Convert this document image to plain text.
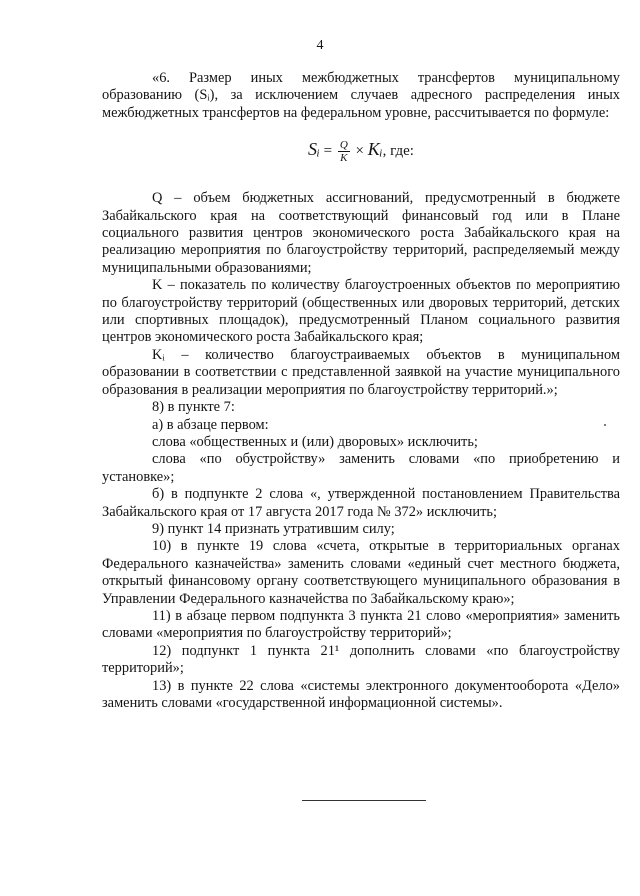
4

«6. Размер иных межбюджетных трансфертов муниципальному образованию (Sᵢ), за исключением случаев адресного распределения иных межбюджетных трансфертов на федеральном уровне, рассчитывается по формуле:

Sᵢ = $\frac{Q}{K}$ × Kᵢ, где:

Q – объем бюджетных ассигнований, предусмотренный в бюджете Забайкальского края на соответствующий финансовый год или в Плане социального развития центров экономического роста Забайкальского края на реализацию мероприятия по благоустройству территорий, распределяемый между муниципальными образованиями;

K – показатель по количеству благоустроенных объектов по мероприятию по благоустройству территорий (общественных или дворовых территорий, детских или спортивных площадок), предусмотренный Планом социального развития центров экономического роста Забайкальского края;

Kᵢ – количество благоустраиваемых объектов в муниципальном образовании в соответствии с представленной заявкой на участие муниципального образования в реализации мероприятия по благоустройству территорий.»;

8) в пункте 7:

а) в абзаце первом:

слова «общественных и (или) дворовых» исключить;

слова «по обустройству» заменить словами «по приобретению и установке»;

б) в подпункте 2 слова «, утвержденной постановлением Правительства Забайкальского края от 17 августа 2017 года № 372» исключить;

9) пункт 14 признать утратившим силу;

10) в пункте 19 слова «счета, открытые в территориальных органах Федерального казначейства» заменить словами «единый счет местного бюджета, открытый финансовому органу соответствующего муниципального образования в Управлении Федерального казначейства по Забайкальскому краю»;

11) в абзаце первом подпункта 3 пункта 21 слово «мероприятия» заменить словами «мероприятия по благоустройству территорий»;

12) подпункт 1 пункта 21¹ дополнить словами «по благоустройству территорий»;

13) в пункте 22 слова «системы электронного документооборота «Дело» заменить словами «государственной информационной системы».
